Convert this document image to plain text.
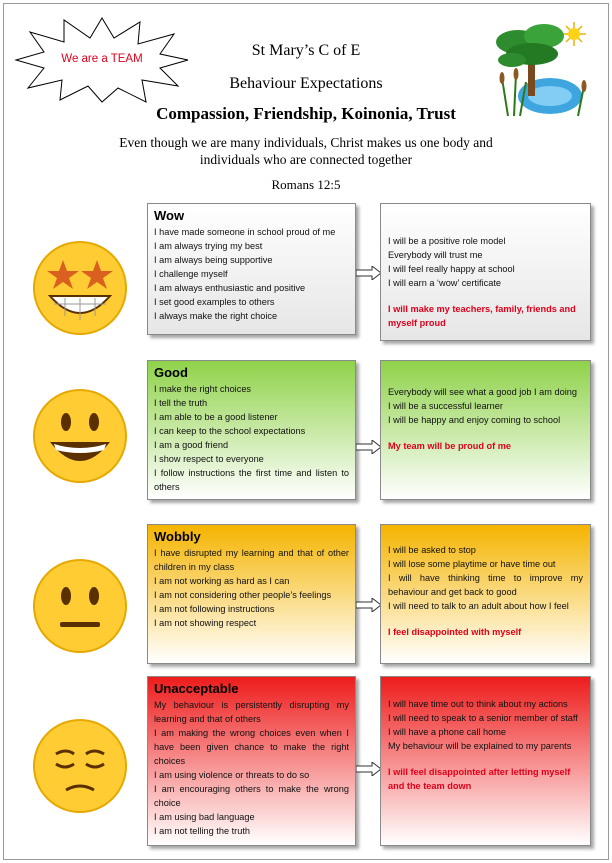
We are a TEAM	St Mary’s C of E
Behaviour Expectations
Compassion, Friendship, Koinonia, Trust
Even though we are many individuals, Christ makes us one body and individuals who are connected together
Romans 12:5
Wow
I have made someone in school proud of me
I am always trying my best
I am always being supportive
I challenge myself
I am always enthusiastic and positive
I set good examples to others
I always make the right choice
I will be a positive role model
Everybody will trust me
I will feel really happy at school
I will earn a ‘wow’ certificate
I will make my teachers, family, friends and myself proud
Good
I make the right choices
I tell the truth
I am able to be a good listener
I can keep to the school expectations
I am a good friend
I show respect to everyone
I follow instructions the first time and listen to others
Everybody will see what a good job I am doing
I will be a successful learner
I will be happy and enjoy coming to school
My team will be proud of me
Wobbly
I have disrupted my learning and that of other children in my class
I am not working as hard as I can
I am not considering other people’s feelings
I am not following instructions
I am not showing respect
I will be asked to stop
I will lose some playtime or have time out
I will have thinking time to improve my behaviour and get back to good
I will need to talk to an adult about how I feel
I feel disappointed with myself
Unacceptable
My behaviour is persistently disrupting my learning and that of others
I am making the wrong choices even when I have been given chance to make the right choices
I am using violence or threats to do so
I am encouraging others to make the wrong choice
I am using bad language
I am not telling the truth
I will have time out to think about my actions
I will need to speak to a senior member of staff
I will have a phone call home
My behaviour will be explained to my parents
I will feel disappointed after letting myself and the team down
